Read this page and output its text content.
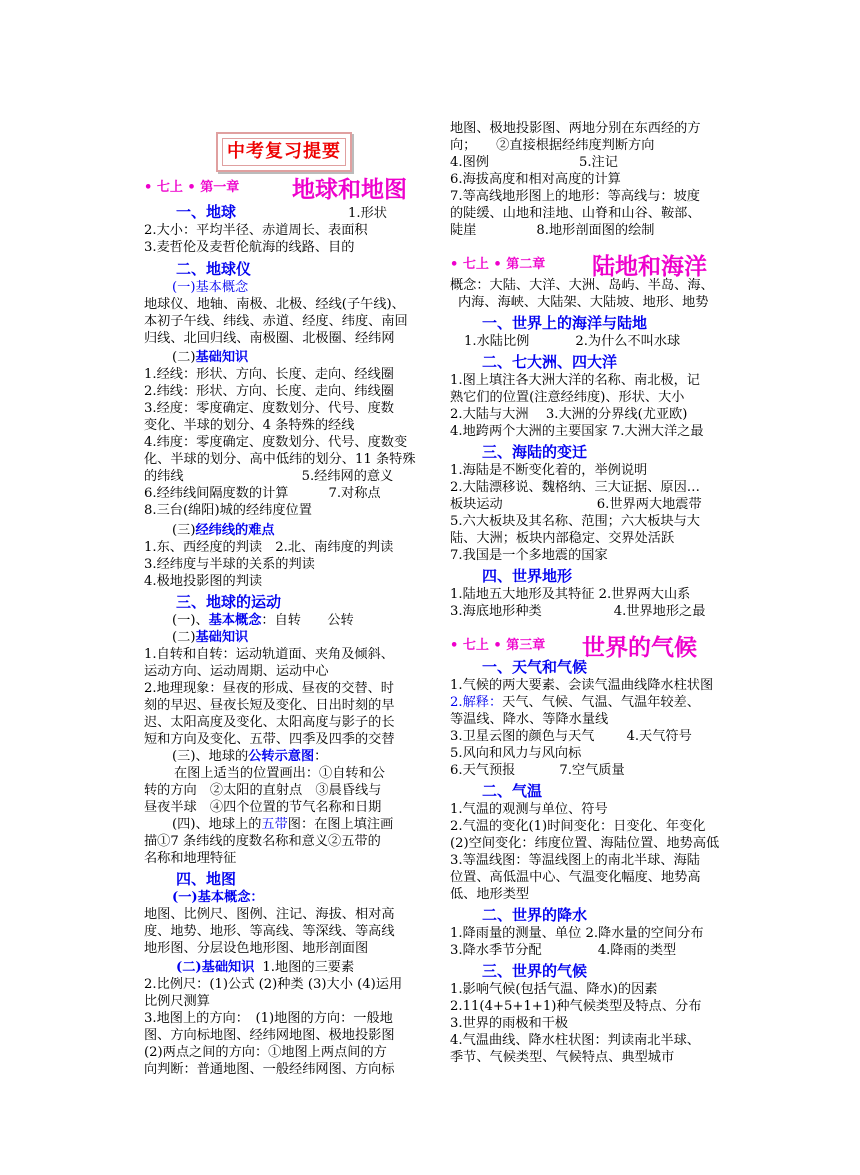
中考复习提要
• 七上 • 第一章 地球和地图
一、地球	1.形状
2.大小：平均半径、赤道周长、表面积
3.麦哲伦及麦哲伦航海的线路、目的
二、地球仪
(一)基本概念
地球仪、地轴、南极、北极、经线(子午线)、
本初子午线、纬线、赤道、经度、纬度、南回
归线、北回归线、南极圈、北极圈、经纬网
(二)基础知识
1.经线：形状、方向、长度、走向、经线圈
2.纬线：形状、方向、长度、走向、纬线圈
3.经度：零度确定、度数划分、代号、度数
变化、半球的划分、4 条特殊的经线
4.纬度：零度确定、度数划分、代号、度数变
化、半球的划分、高中低纬的划分、11 条特殊
的纬线	5.经纬网的意义
6.经纬线间隔度数的计算	7.对称点
8.三台(绵阳)城的经纬度位置
(三)经纬线的难点
1.东、西经度的判读　2.北、南纬度的判读
3.经纬度与半球的关系的判读
4.极地投影图的判读
三、地球的运动
(一)、基本概念：自转　　公转
(二)基础知识
1.自转和自转：运动轨道面、夹角及倾斜、
运动方向、运动周期、运动中心
2.地理现象：昼夜的形成、昼夜的交替、时
刻的早迟、昼夜长短及变化、日出时刻的早
迟、太阳高度及变化、太阳高度与影子的长
短和方向及变化、五带、四季及四季的交替
(三)、地球的公转示意图：
在图上适当的位置画出：①自转和公
转的方向　②太阳的直射点　③晨昏线与
昼夜半球　④四个位置的节气名称和日期
(四)、地球上的五带图：在图上填注画
描①7 条纬线的度数名称和意义②五带的
名称和地理特征
四、地图
(一)基本概念：
地图、比例尺、图例、注记、海拔、相对高
度、地势、地形、等高线、等深线、等高线
地形图、分层设色地形图、地形剖面图
(二)基础知识 1.地图的三要素
2.比例尺：(1)公式 (2)种类 (3)大小 (4)运用
比例尺测算
3.地图上的方向：　(1)地图的方向：一般地
图、方向标地图、经纬网地图、极地投影图
(2)两点之间的方向：①地图上两点间的方
向判断：普通地图、一般经纬网图、方向标
地图、极地投影图、两地分别在东西经的方
向；　　②直接根据经纬度判断方向
4.图例	5.注记
6.海拔高度和相对高度的计算
7.等高线地形图上的地形：等高线与：坡度
的陡缓、山地和洼地、山脊和山谷、鞍部、
陡崖	8.地形剖面图的绘制
• 七上 • 第二章 陆地和海洋
概念：大陆、大洋、大洲、岛屿、半岛、海、
内海、海峡、大陆架、大陆坡、地形、地势
一、世界上的海洋与陆地
1.水陆比例	2.为什么不叫水球
二、七大洲、四大洋
1.图上填注各大洲大洋的名称、南北极，记
熟它们的位置(注意经纬度)、形状、大小
2.大陆与大洲　 3.大洲的分界线(尤亚欧)
4.地跨两个大洲的主要国家 7.大洲大洋之最
三、海陆的变迁
1.海陆是不断变化着的，举例说明
2.大陆漂移说、魏格纳、三大证据、原因…
板块运动	6.世界两大地震带
5.六大板块及其名称、范围；六大板块与大
陆、大洲；板块内部稳定、交界处活跃
7.我国是一个多地震的国家
四、世界地形
1.陆地五大地形及其特征 2.世界两大山系
3.海底地形种类	4.世界地形之最
• 七上 • 第三章 世界的气候
一、天气和气候
1.气候的两大要素、会读气温曲线降水柱状图
2.解释：天气、气候、气温、气温年较差、
等温线、降水、等降水量线
3.卫星云图的颜色与天气 4.天气符号
5.风向和风力与风向标
6.天气预报	7.空气质量
二、气温
1.气温的观测与单位、符号
2.气温的变化(1)时间变化：日变化、年变化
(2)空间变化：纬度位置、海陆位置、地势高低
3.等温线图：等温线图上的南北半球、海陆
位置、高低温中心、气温变化幅度、地势高
低、地形类型
二、世界的降水
1.降雨量的测量、单位 2.降水量的空间分布
3.降水季节分配	4.降雨的类型
三、世界的气候
1.影响气候(包括气温、降水)的因素
2.11(4+5+1+1)种气候类型及特点、分布
3.世界的雨极和干极
4.气温曲线、降水柱状图：判读南北半球、
季节、气候类型、气候特点、典型城市
